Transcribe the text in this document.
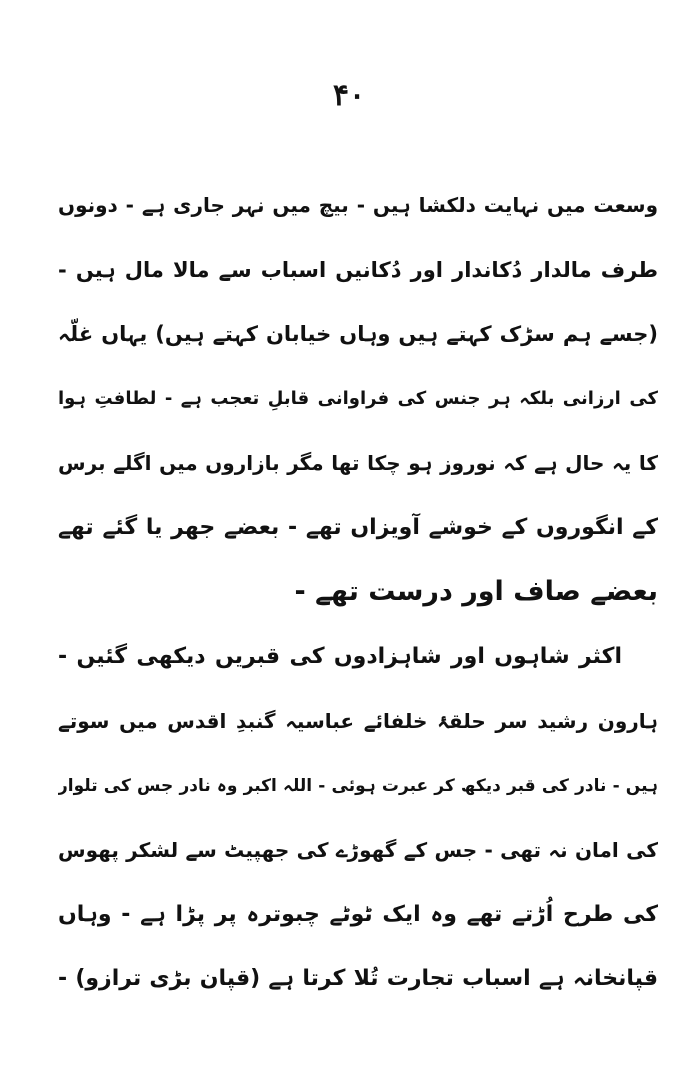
۴۰
وسعت میں نہایت دلکشا ہیں - بیچ میں نہر جاری ہے - دونوں
طرف مالدار دُکاندار اور دُکانیں اسباب سے مالا مال ہیں -
(جسے ہم سڑک کہتے ہیں وہاں خیابان کہتے ہیں) یہاں غلّہ
کی ارزانی بلکہ ہر جنس کی فراوانی قابلِ تعجب ہے - لطافتِ ہوا
کا یہ حال ہے کہ نوروز ہو چکا تھا مگر بازاروں میں اگلے برس
کے انگوروں کے خوشے آویزاں تھے - بعضے جھر یا گئے تھے
بعضے صاف اور درست تھے -
اکثر شاہوں اور شاہزادوں کی قبریں دیکھی گئیں -
ہارون رشید سر حلقۂ خلفائے عباسیہ گنبدِ اقدس میں سوتے
ہیں - نادر کی قبر دیکھ کر عبرت ہوئی - اللہ اکبر وہ نادر جس کی تلوار
کی امان نہ تھی - جس کے گھوڑے کی جھپیٹ سے لشکر پھوس
کی طرح اُڑتے تھے وہ ایک ٹوٹے چبوترہ پر پڑا ہے - وہاں
قپانخانہ ہے اسباب تجارت تُلا کرتا ہے (قپان بڑی ترازو) -
